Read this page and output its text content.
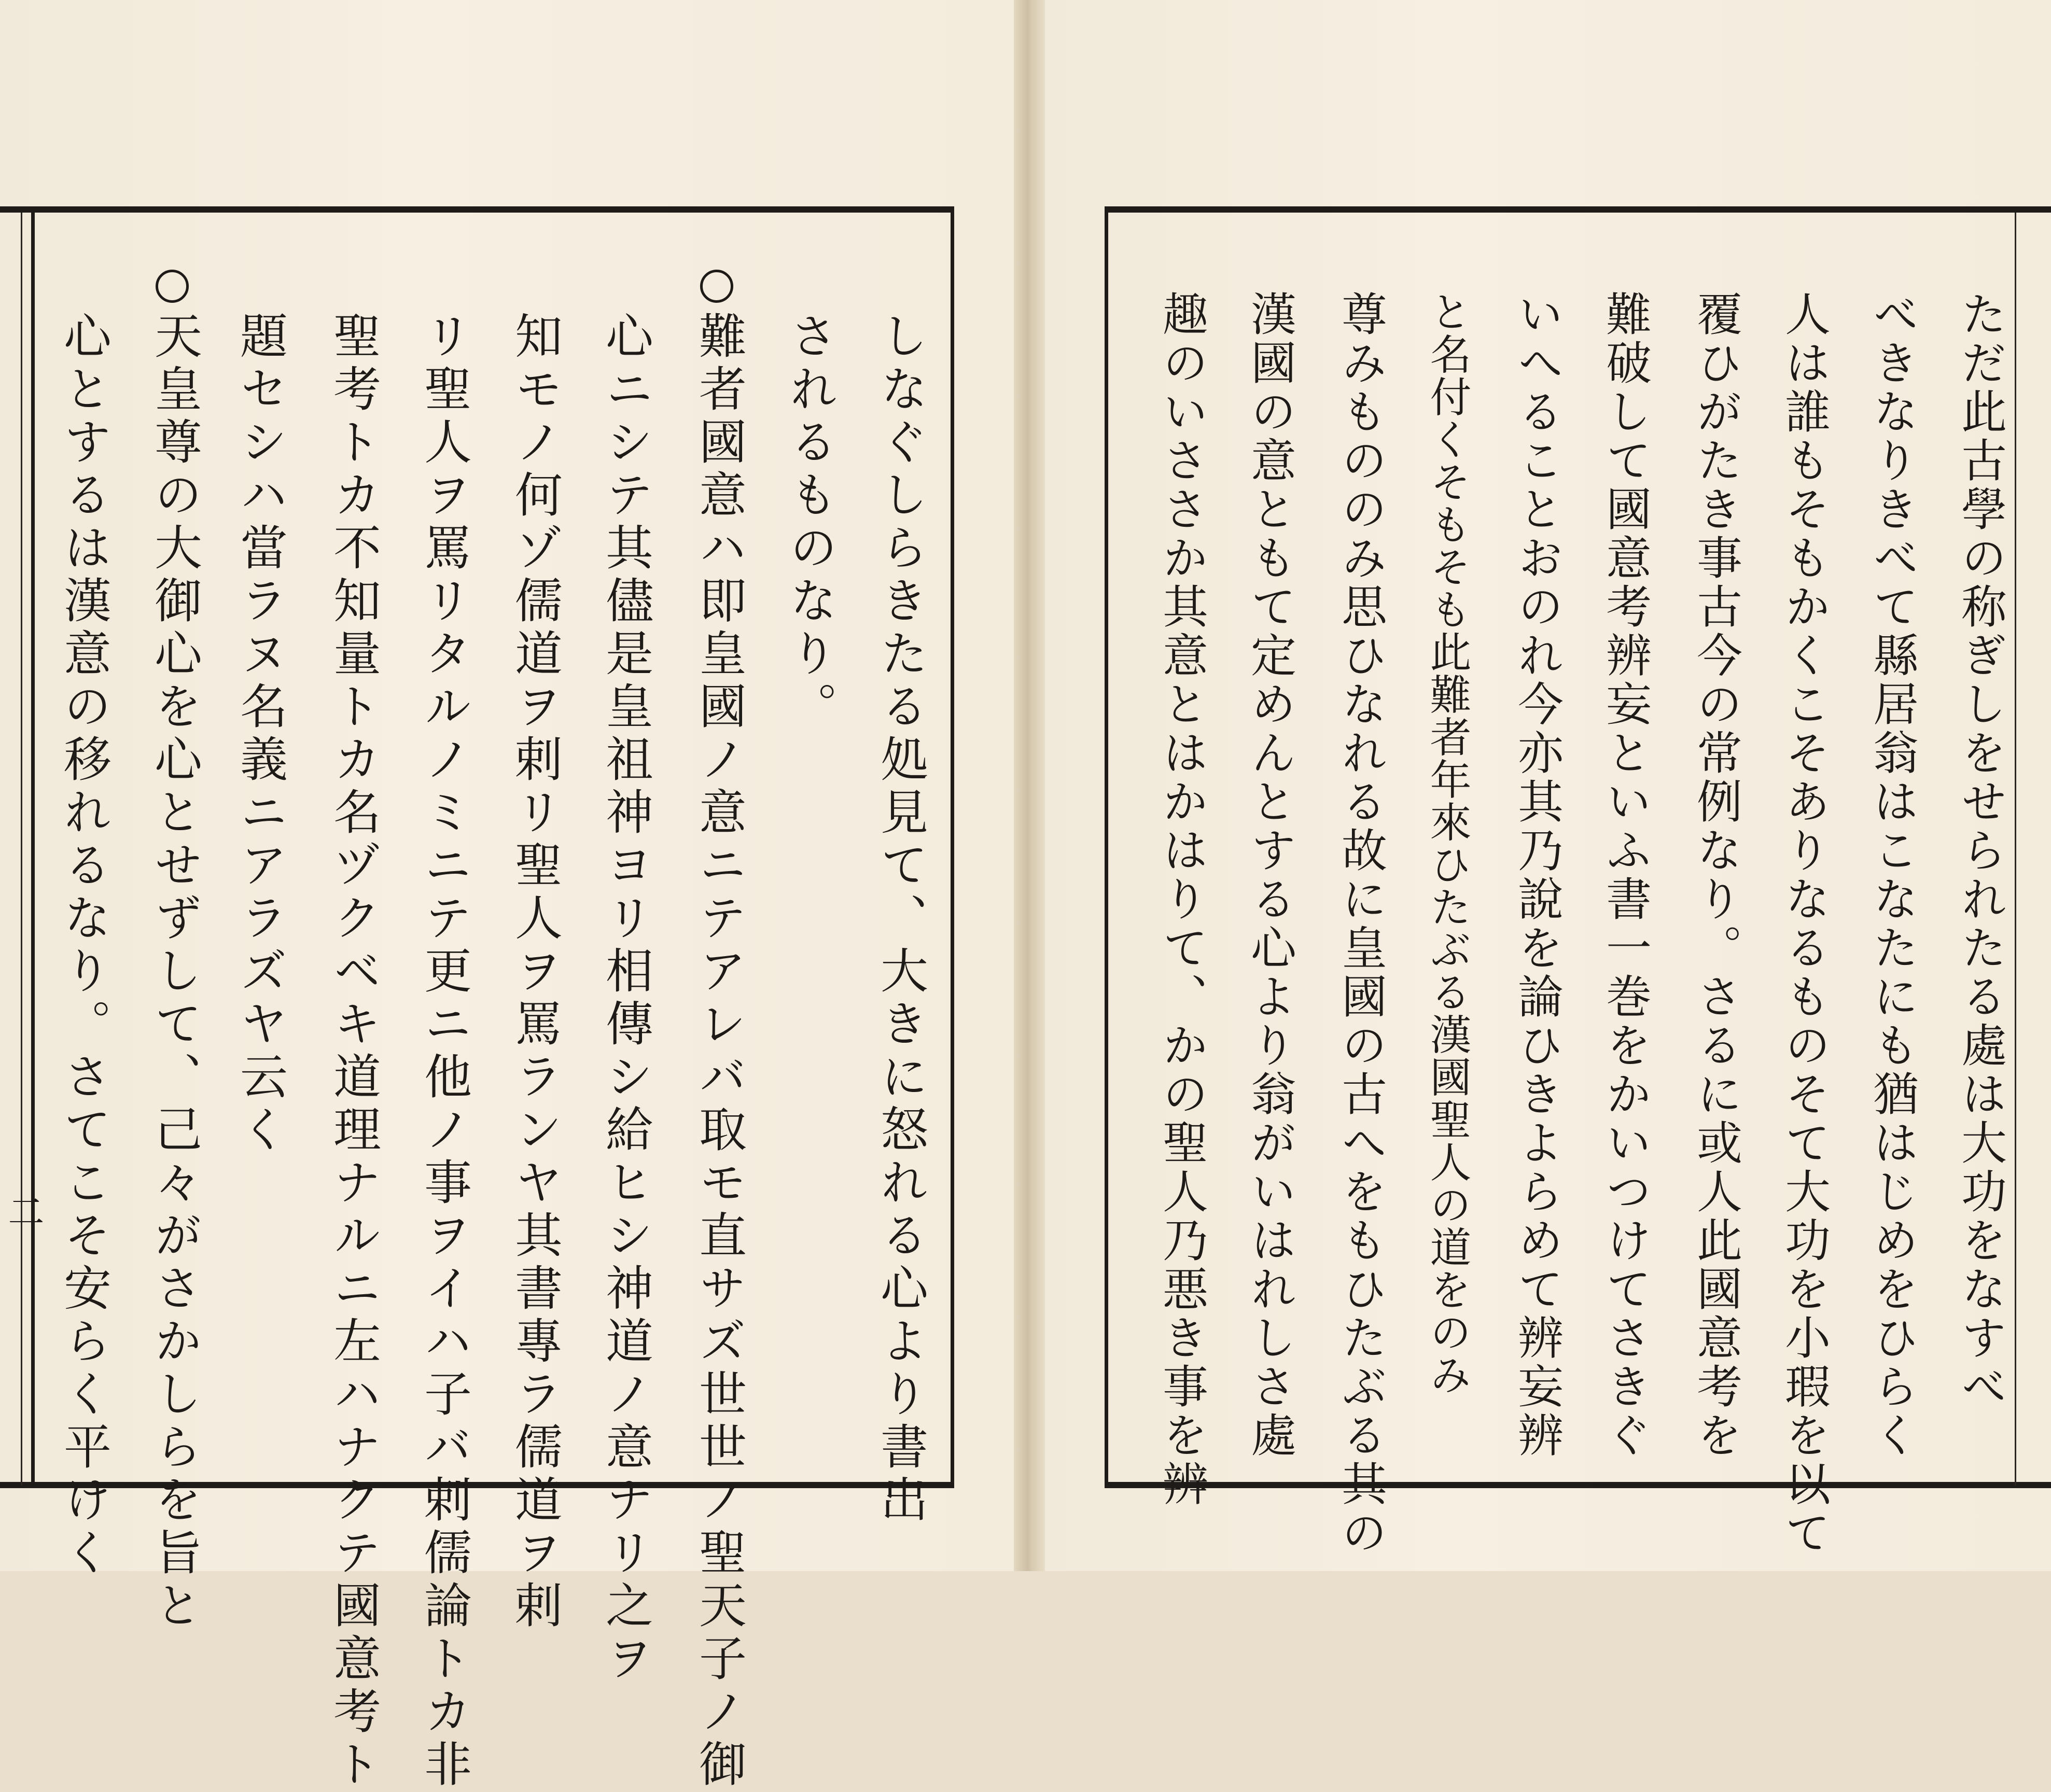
二	しなぐしらきたる処見て、大きに怒れる心より書出
されるものなり。
難者國意ハ即皇國ノ意ニテアレバ取モ直サズ世世ノ聖天子ノ御
心ニシテ其儘是皇祖神ヨリ相傳シ給ヒシ神道ノ意ナリ之ヲ
知モノ何ゾ儒道ヲ剌リ聖人ヲ罵ランヤ其書專ラ儒道ヲ剌
リ聖人ヲ罵リタルノミニテ更ニ他ノ事ヲイハ子バ剌儒論トカ非
聖考トカ不知量トカ名ヅクベキ道理ナルニ左ハナクテ國意考ト
題セシハ當ラヌ名義ニアラズヤ云く
天皇尊の大御心を心とせずして、己々がさかしらを旨と
心とするは漢意の移れるなり。さてこそ安らく平けく	ただ此古學の称ぎしをせられたる處は大功をなすべ
べきなりきべて縣居翁はこなたにも猶はじめをひらく
人は誰もそもかくこそありなるものそて大功を小瑕を以て
覆ひがたき事古今の常例なり。さるに或人此國意考を
難破して國意考辨妄といふ書一巻をかいつけてさきぐ
いへることおのれ今亦其乃說を論ひきよらめて辨妄辨
と名付くそもそも此難者年來ひたぶる漢國聖人の道をのみ
尊みもののみ思ひなれる故に皇國の古へをもひたぶる其の
漢國の意ともて定めんとする心より翁がいはれしさ處
趣のいささか其意とはかはりて、かの聖人乃悪き事を辨
